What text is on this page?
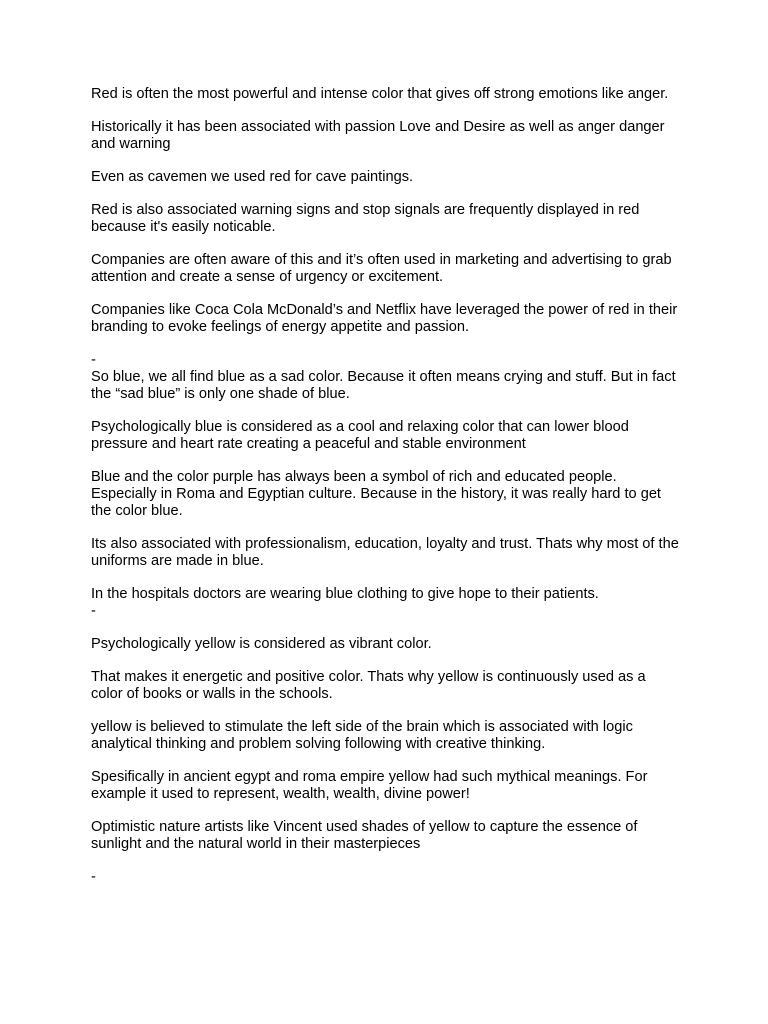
Red is often the most powerful and intense color that gives off strong emotions like anger.

Historically it has been associated with passion Love and Desire as well as anger danger and warning

Even as cavemen we used red for cave paintings.

Red is also associated warning signs and stop signals are frequently displayed in red because it's easily noticable.

Companies are often aware of this and it’s often used in marketing and advertising to grab attention and create a sense of urgency or excitement.

Companies like Coca Cola McDonald’s and Netflix have leveraged the power of red in their branding to evoke feelings of energy appetite and passion.

-

So blue, we all find blue as a sad color. Because it often means crying and stuff. But in fact the “sad blue” is only one shade of blue.

Psychologically blue is considered as a cool and relaxing color that can lower blood pressure and heart rate creating a peaceful and stable environment

Blue and the color purple has always been a symbol of rich and educated people. Especially in Roma and Egyptian culture. Because in the history, it was really hard to get the color blue.

Its also associated with professionalism, education, loyalty and trust. Thats why most of the uniforms are made in blue.

In the hospitals doctors are wearing blue clothing to give hope to their patients.

-

Psychologically yellow is considered as vibrant color.

That makes it energetic and positive color. Thats why yellow is continuously used as a color of books or walls in the schools.

yellow is believed to stimulate the left side of the brain which is associated with logic analytical thinking and problem solving following with creative thinking.

Spesifically in ancient egypt and roma empire yellow had such mythical meanings. For example it used to represent, wealth, wealth, divine power!

Optimistic nature artists like Vincent used shades of yellow to capture the essence of sunlight and the natural world in their masterpieces

-
